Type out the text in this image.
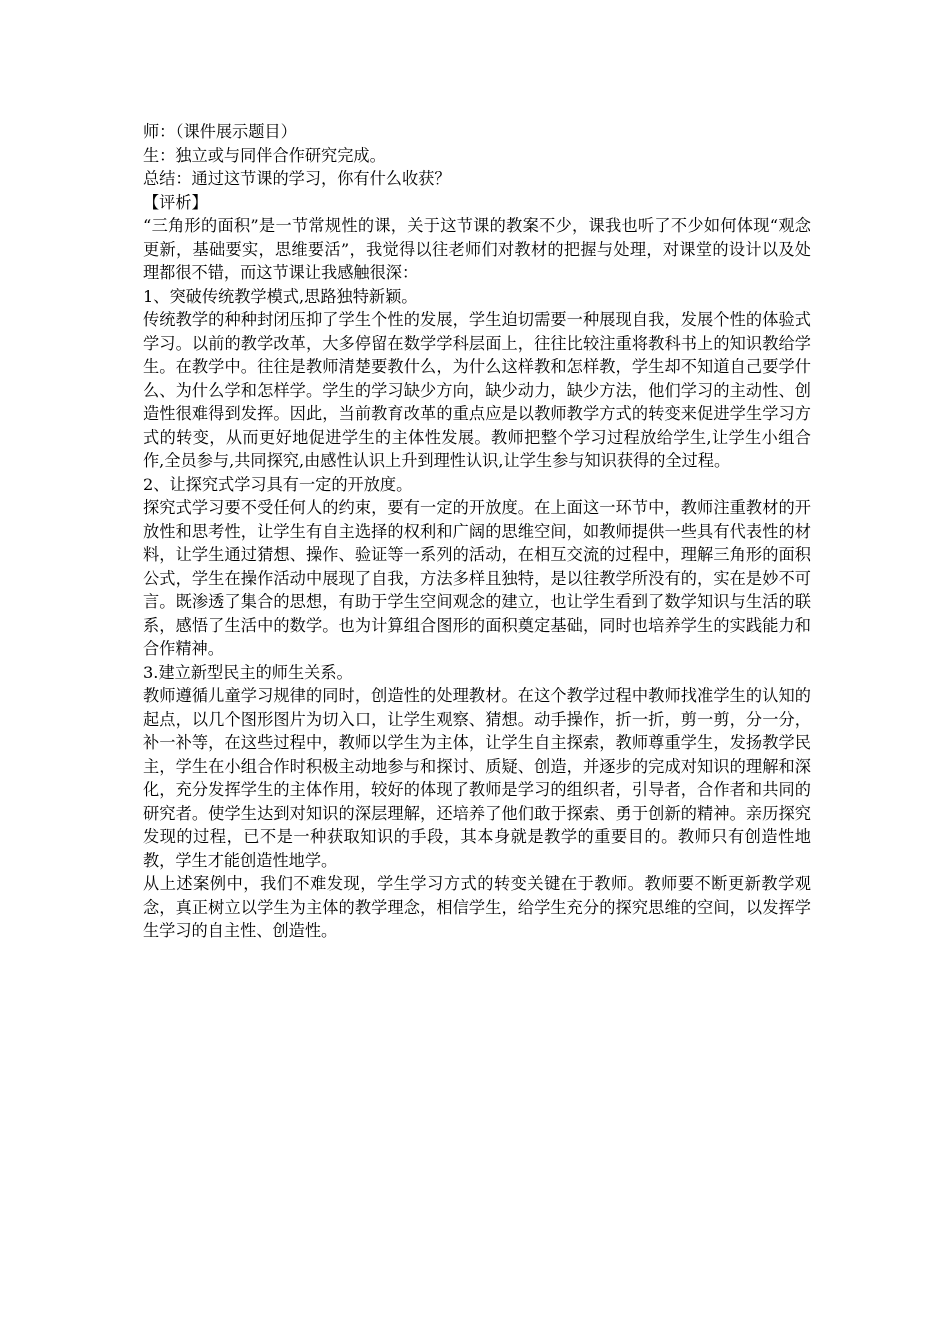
师：（课件展示题目）

生：独立或与同伴合作研究完成。

总结：通过这节课的学习，你有什么收获？

【评析】

“三角形的面积”是一节常规性的课，关于这节课的教案不少，课我也听了不少如何体现“观念更新，基础要实，思维要活”，我觉得以往老师们对教材的把握与处理，对课堂的设计以及处理都很不错，而这节课让我感触很深：

1、突破传统教学模式,思路独特新颖。

传统教学的种种封闭压抑了学生个性的发展，学生迫切需要一种展现自我，发展个性的体验式学习。以前的教学改革，大多停留在数学学科层面上，往往比较注重将教科书上的知识教给学生。在教学中。往往是教师清楚要教什么，为什么这样教和怎样教，学生却不知道自己要学什么、为什么学和怎样学。学生的学习缺少方向，缺少动力，缺少方法，他们学习的主动性、创造性很难得到发挥。因此，当前教育改革的重点应是以教师教学方式的转变来促进学生学习方式的转变，从而更好地促进学生的主体性发展。教师把整个学习过程放给学生,让学生小组合作,全员参与,共同探究,由感性认识上升到理性认识,让学生参与知识获得的全过程。

2、让探究式学习具有一定的开放度。

探究式学习要不受任何人的约束，要有一定的开放度。在上面这一环节中，教师注重教材的开放性和思考性，让学生有自主选择的权利和广阔的思维空间，如教师提供一些具有代表性的材料，让学生通过猜想、操作、验证等一系列的活动，在相互交流的过程中，理解三角形的面积公式，学生在操作活动中展现了自我，方法多样且独特，是以往教学所没有的，实在是妙不可言。既渗透了集合的思想，有助于学生空间观念的建立，也让学生看到了数学知识与生活的联系，感悟了生活中的数学。也为计算组合图形的面积奠定基础，同时也培养学生的实践能力和合作精神。

3.建立新型民主的师生关系。

教师遵循儿童学习规律的同时，创造性的处理教材。在这个教学过程中教师找准学生的认知的起点，以几个图形图片为切入口，让学生观察、猜想。动手操作，折一折，剪一剪，分一分，补一补等，在这些过程中，教师以学生为主体，让学生自主探索，教师尊重学生，发扬教学民主，学生在小组合作时积极主动地参与和探讨、质疑、创造，并逐步的完成对知识的理解和深化，充分发挥学生的主体作用，较好的体现了教师是学习的组织者，引导者，合作者和共同的研究者。使学生达到对知识的深层理解，还培养了他们敢于探索、勇于创新的精神。亲历探究发现的过程，已不是一种获取知识的手段，其本身就是教学的重要目的。教师只有创造性地教，学生才能创造性地学。

从上述案例中，我们不难发现，学生学习方式的转变关键在于教师。教师要不断更新教学观念，真正树立以学生为主体的教学理念，相信学生，给学生充分的探究思维的空间，以发挥学生学习的自主性、创造性。
